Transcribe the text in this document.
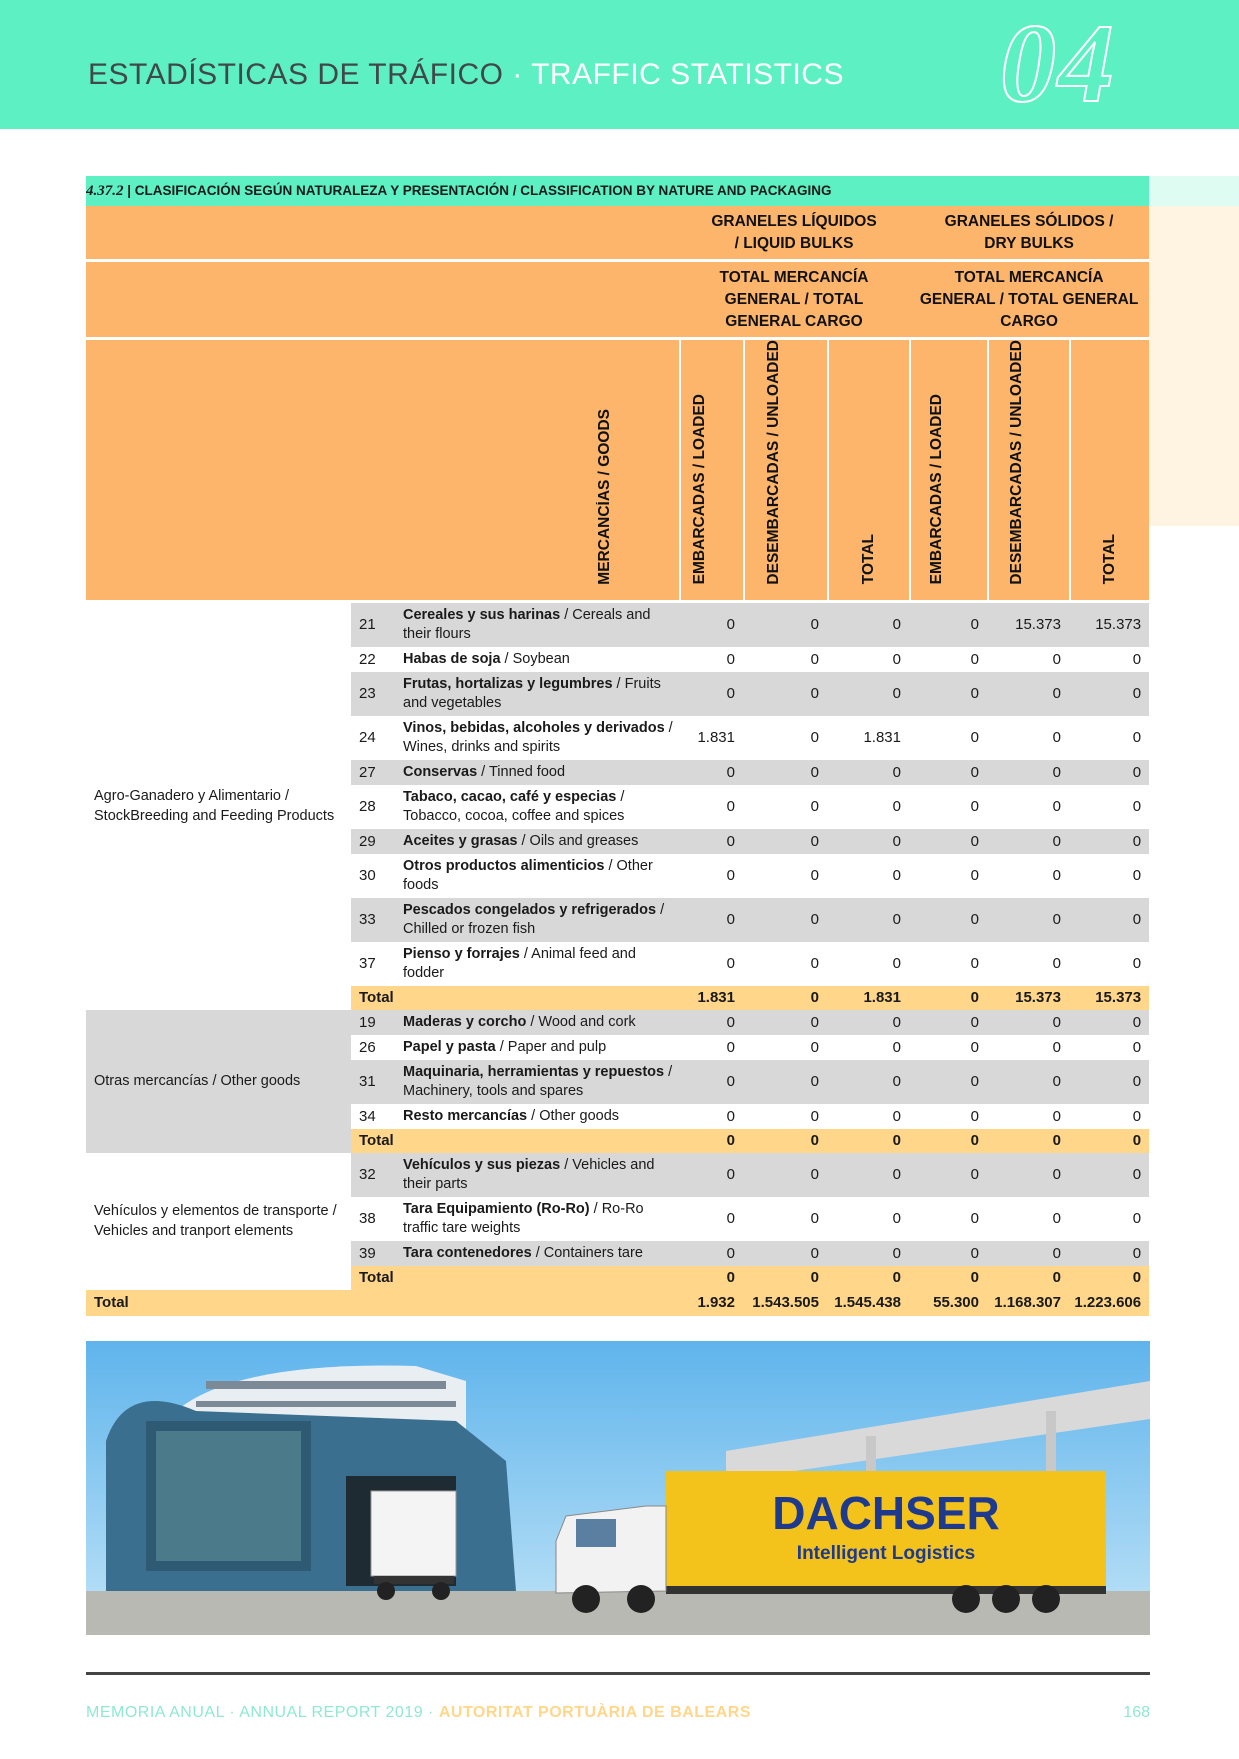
ESTADÍSTICAS DE TRÁFICO · TRAFFIC STATISTICS 04
4.37.2 | CLASIFICACIÓN SEGÚN NATURALEZA Y PRESENTACIÓN / CLASSIFICATION BY NATURE AND PACKAGING								

			GRANELES LÍQUIDOS / LIQUID BULKS			GRANELES SÓLIDOS / DRY BULKS		

			TOTAL MERCANCÍA GENERAL / TOTAL GENERAL CARGO			TOTAL MERCANCÍA GENERAL / TOTAL GENERAL CARGO		

MERCANCÍAS / GOODS			EMBARCADAS / LOADED	DESEMBARCADAS / UNLOADED	TOTAL	EMBARCADAS / LOADED	DESEMBARCADAS / UNLOADED	TOTAL
Agro-Ganadero y Alimentario /
StockBreeding and Feeding Products	21	Cereales y sus harinas / Cereals and their flours	0	0	0	0	15.373	15.373
	22	Habas de soja / Soybean	0	0	0	0	0	0
	23	Frutas, hortalizas y legumbres / Fruits and vegetables	0	0	0	0	0	0
	24	Vinos, bebidas, alcoholes y derivados / Wines, drinks and spirits	1.831	0	1.831	0	0	0
	27	Conservas / Tinned food	0	0	0	0	0	0
	28	Tabaco, cacao, café y especias / Tobacco, cocoa, coffee and spices	0	0	0	0	0	0
	29	Aceites y grasas / Oils and greases	0	0	0	0	0	0
	30	Otros productos alimenticios / Other foods	0	0	0	0	0	0
	33	Pescados congelados y refrigerados / Chilled or frozen fish	0	0	0	0	0	0
	37	Pienso y forrajes / Animal feed and fodder	0	0	0	0	0	0
	Total		1.831	0	1.831	0	15.373	15.373
Otras mercancías / Other goods	19	Maderas y corcho / Wood and cork	0	0	0	0	0	0
	26	Papel y pasta / Paper and pulp	0	0	0	0	0	0
	31	Maquinaria, herramientas y repuestos / Machinery, tools and spares	0	0	0	0	0	0
	34	Resto mercancías / Other goods	0	0	0	0	0	0
	Total		0	0	0	0	0	0
Vehículos y elementos de transporte / Vehicles and tranport elements	32	Vehículos y sus piezas / Vehicles and their parts	0	0	0	0	0	0
	38	Tara Equipamiento (Ro-Ro) / Ro-Ro traffic tare weights	0	0	0	0	0	0
	39	Tara contenedores / Containers tare	0	0	0	0	0	0
	Total		0	0	0	0	0	0
Total			1.932	1.543.505	1.545.438	55.300	1.168.307	1.223.606
DACHSER
Intelligent Logistics
MEMORIA ANUAL · ANNUAL REPORT 2019 · AUTORITAT PORTUÀRIA DE BALEARS	168
